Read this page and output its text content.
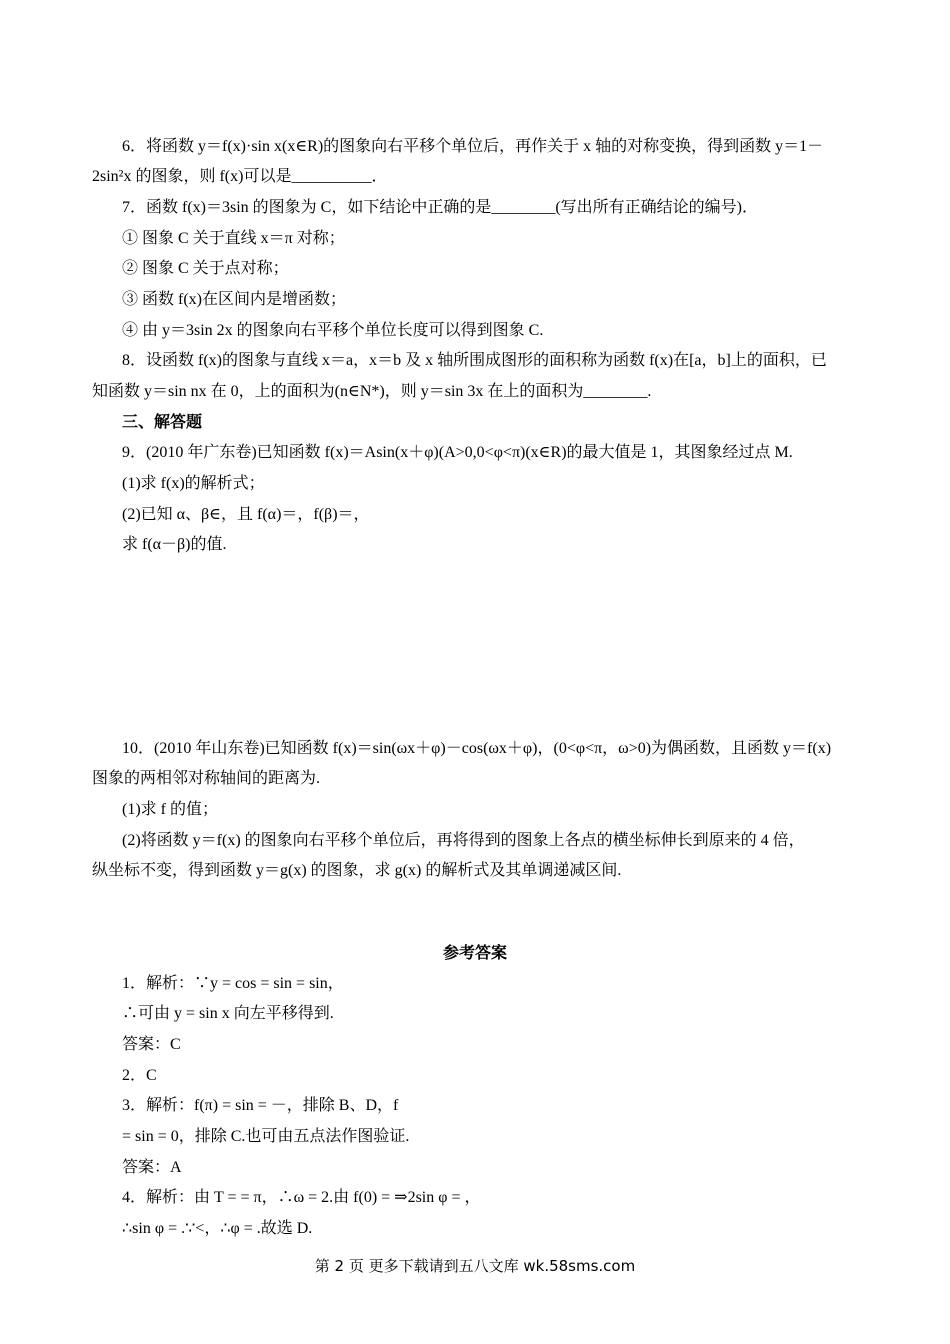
6．将函数 y＝f(x)·sin x(x∈R)的图象向右平移个单位后，再作关于 x 轴的对称变换，得到函数 y＝1－
2sin²x 的图象，则 f(x)可以是__________．
7．函数 f(x)＝3sin 的图象为 C，如下结论中正确的是________(写出所有正确结论的编号)．
① 图象 C 关于直线 x＝π 对称；
② 图象 C 关于点对称；
③ 函数 f(x)在区间内是增函数；
④ 由 y＝3sin 2x 的图象向右平移个单位长度可以得到图象 C.
8．设函数 f(x)的图象与直线 x＝a，x＝b 及 x 轴所围成图形的面积称为函数 f(x)在[a，b]上的面积，已
知函数 y＝sin nx 在 0，上的面积为(n∈N*)，则 y＝sin 3x 在上的面积为________.
三、解答题
9．(2010 年广东卷)已知函数 f(x)＝Asin(x＋φ)(A>0,0<φ<π)(x∈R)的最大值是 1，其图象经过点 M.
(1)求 f(x)的解析式；
(2)已知 α、β∈，且 f(α)＝，f(β)＝，
求 f(α－β)的值.
10．(2010 年山东卷)已知函数 f(x)＝sin(ωx＋φ)－cos(ωx＋φ)，(0<φ<π，ω>0)为偶函数，且函数 y＝f(x)
图象的两相邻对称轴间的距离为.
(1)求 f 的值；
(2)将函数 y＝f(x) 的图象向右平移个单位后，再将得到的图象上各点的横坐标伸长到原来的 4 倍，
纵坐标不变，得到函数 y＝g(x) 的图象，求 g(x) 的解析式及其单调递减区间.
参考答案
1．解析：∵y = cos = sin = sin，
∴可由 y = sin x 向左平移得到.
答案：C
2．C
3．解析：f(π) = sin = －，排除 B、D，f
= sin = 0，排除 C.也可由五点法作图验证.
答案：A
4．解析：由 T = = π，∴ω = 2.由 f(0) = ⇒2sin φ = ，
∴sin φ = .∵<，∴φ = .故选 D.
第 2 页 更多下载请到五八文库 wk.58sms.com
